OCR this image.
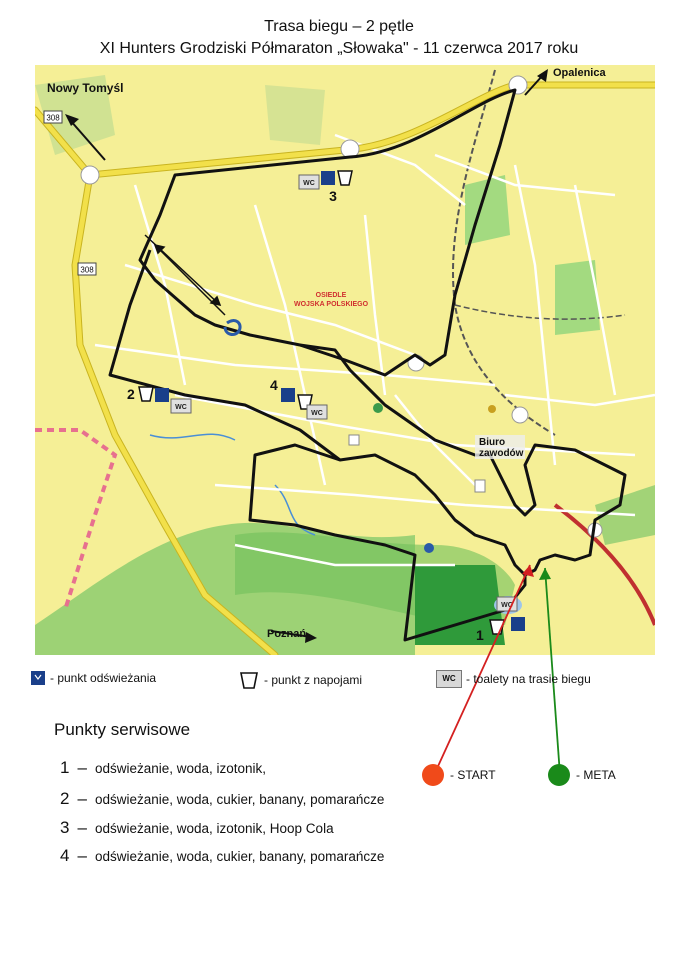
Trasa biegu – 2 pętle
XI Hunters Grodziski Półmaraton „Słowaka" - 11 czerwca 2017 roku
308
308
Nowy Tomyśl
Opalenica
Poznań
OSIEDLE
WOJSKA POLSKIEGO
Biuro
zawodów
WC
3
2
WC
4
WC
WC
1
- punkt odświeżania	- punkt z napojami	WC - toalety na trasie biegu
Punkty serwisowe
1 – odświeżanie, woda, izotonik,
2 – odświeżanie, woda, cukier, banany, pomarańcze
3 – odświeżanie, woda, izotonik, Hoop Cola
4 – odświeżanie, woda, cukier, banany, pomarańcze
- START	- META
